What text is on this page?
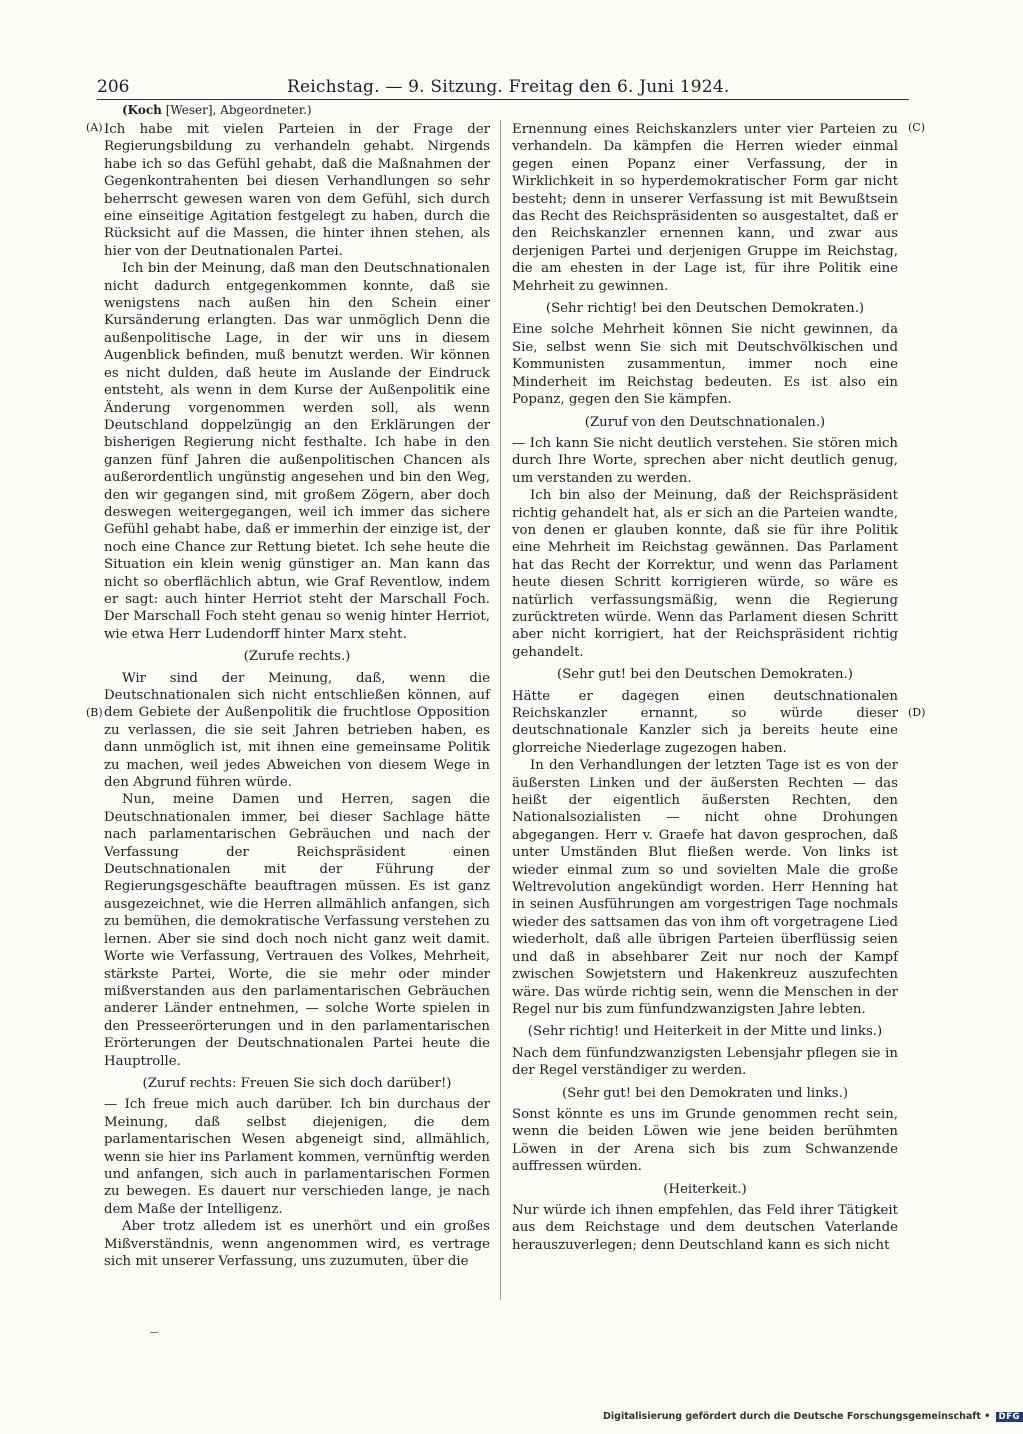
206	Reichstag. — 9. Sitzung. Freitag den 6. Juni 1924.
(Koch [Weser], Abgeordneter.)
(A)
(B)
(C)
(D)

Ich habe mit vielen Parteien in der Frage der Regierungsbildung zu verhandeln gehabt. Nirgends habe ich so das Gefühl gehabt, daß die Maßnahmen der Gegenkontrahenten bei diesen Verhandlungen so sehr beherrscht gewesen waren von dem Gefühl, sich durch eine einseitige Agitation festgelegt zu haben, durch die Rücksicht auf die Massen, die hinter ihnen stehen, als hier von der Deutnationalen Partei.

Ich bin der Meinung, daß man den Deutschnationalen nicht dadurch entgegenkommen konnte, daß sie wenigstens nach außen hin den Schein einer Kursänderung erlangten. Das war unmöglich Denn die außenpolitische Lage, in der wir uns in diesem Augenblick befinden, muß benutzt werden. Wir können es nicht dulden, daß heute im Auslande der Eindruck entsteht, als wenn in dem Kurse der Außenpolitik eine Änderung vorgenommen werden soll, als wenn Deutschland doppelzüngig an den Erklärungen der bisherigen Regierung nicht festhalte. Ich habe in den ganzen fünf Jahren die außenpolitischen Chancen als außerordentlich ungünstig angesehen und bin den Weg, den wir gegangen sind, mit großem Zögern, aber doch deswegen weitergegangen, weil ich immer das sichere Gefühl gehabt habe, daß er immerhin der einzige ist, der noch eine Chance zur Rettung bietet. Ich sehe heute die Situation ein klein wenig günstiger an. Man kann das nicht so oberflächlich abtun, wie Graf Reventlow, indem er sagt: auch hinter Herriot steht der Marschall Foch. Der Marschall Foch steht genau so wenig hinter Herriot, wie etwa Herr Ludendorff hinter Marx steht.

(Zurufe rechts.)

Wir sind der Meinung, daß, wenn die Deutschnationalen sich nicht entschließen können, auf dem Gebiete der Außenpolitik die fruchtlose Opposition zu verlassen, die sie seit Jahren betrieben haben, es dann unmöglich ist, mit ihnen eine gemeinsame Politik zu machen, weil jedes Abweichen von diesem Wege in den Abgrund führen würde.

Nun, meine Damen und Herren, sagen die Deutschnationalen immer, bei dieser Sachlage hätte nach parlamentarischen Gebräuchen und nach der Verfassung der Reichspräsident einen Deutschnationalen mit der Führung der Regierungsgeschäfte beauftragen müssen. Es ist ganz ausgezeichnet, wie die Herren allmählich anfangen, sich zu bemühen, die demokratische Verfassung verstehen zu lernen. Aber sie sind doch noch nicht ganz weit damit. Worte wie Verfassung, Vertrauen des Volkes, Mehrheit, stärkste Partei, Worte, die sie mehr oder minder mißverstanden aus den parlamentarischen Gebräuchen anderer Länder entnehmen, — solche Worte spielen in den Presseerörterungen und in den parlamentarischen Erörterungen der Deutschnationalen Partei heute die Hauptrolle.

(Zuruf rechts: Freuen Sie sich doch darüber!)

— Ich freue mich auch darüber. Ich bin durchaus der Meinung, daß selbst diejenigen, die dem parlamentarischen Wesen abgeneigt sind, allmählich, wenn sie hier ins Parlament kommen, vernünftig werden und anfangen, sich auch in parlamentarischen Formen zu bewegen. Es dauert nur verschieden lange, je nach dem Maße der Intelligenz.

Aber trotz alledem ist es unerhört und ein großes Mißverständnis, wenn angenommen wird, es vertrage sich mit unserer Verfassung, uns zuzumuten, über die

Ernennung eines Reichskanzlers unter vier Parteien zu verhandeln. Da kämpfen die Herren wieder einmal gegen einen Popanz einer Verfassung, der in Wirklichkeit in so hyperdemokratischer Form gar nicht besteht; denn in unserer Verfassung ist mit Bewußtsein das Recht des Reichspräsidenten so ausgestaltet, daß er den Reichskanzler ernennen kann, und zwar aus derjenigen Partei und derjenigen Gruppe im Reichstag, die am ehesten in der Lage ist, für ihre Politik eine Mehrheit zu gewinnen.

(Sehr richtig! bei den Deutschen Demokraten.)

Eine solche Mehrheit können Sie nicht gewinnen, da Sie, selbst wenn Sie sich mit Deutschvölkischen und Kommunisten zusammentun, immer noch eine Minderheit im Reichstag bedeuten. Es ist also ein Popanz, gegen den Sie kämpfen.

(Zuruf von den Deutschnationalen.)

— Ich kann Sie nicht deutlich verstehen. Sie stören mich durch Ihre Worte, sprechen aber nicht deutlich genug, um verstanden zu werden.

Ich bin also der Meinung, daß der Reichspräsident richtig gehandelt hat, als er sich an die Parteien wandte, von denen er glauben konnte, daß sie für ihre Politik eine Mehrheit im Reichstag gewännen. Das Parlament hat das Recht der Korrektur, und wenn das Parlament heute diesen Schritt korrigieren würde, so wäre es natürlich verfassungsmäßig, wenn die Regierung zurücktreten würde. Wenn das Parlament diesen Schritt aber nicht korrigiert, hat der Reichspräsident richtig gehandelt.

(Sehr gut! bei den Deutschen Demokraten.)

Hätte er dagegen einen deutschnationalen Reichskanzler ernannt, so würde dieser deutschnationale Kanzler sich ja bereits heute eine glorreiche Niederlage zugezogen haben.

In den Verhandlungen der letzten Tage ist es von der äußersten Linken und der äußersten Rechten — das heißt der eigentlich äußersten Rechten, den Nationalsozialisten — nicht ohne Drohungen abgegangen. Herr v. Graefe hat davon gesprochen, daß unter Umständen Blut fließen werde. Von links ist wieder einmal zum so und sovielten Male die große Weltrevolution angekündigt worden. Herr Henning hat in seinen Ausführungen am vorgestrigen Tage nochmals wieder des sattsamen das von ihm oft vorgetragene Lied wiederholt, daß alle übrigen Parteien überflüssig seien und daß in absehbarer Zeit nur noch der Kampf zwischen Sowjetstern und Hakenkreuz auszufechten wäre. Das würde richtig sein, wenn die Menschen in der Regel nur bis zum fünfundzwanzigsten Jahre lebten.

(Sehr richtig! und Heiterkeit in der Mitte und links.)

Nach dem fünfundzwanzigsten Lebensjahr pflegen sie in der Regel verständiger zu werden.

(Sehr gut! bei den Demokraten und links.)

Sonst könnte es uns im Grunde genommen recht sein, wenn die beiden Löwen wie jene beiden berühmten Löwen in der Arena sich bis zum Schwanzende auffressen würden.

(Heiterkeit.)

Nur würde ich ihnen empfehlen, das Feld ihrer Tätigkeit aus dem Reichstage und dem deutschen Vaterlande herauszuverlegen; denn Deutschland kann es sich nicht

Digitalisierung gefördert durch die Deutsche Forschungsgemeinschaft • DFG
